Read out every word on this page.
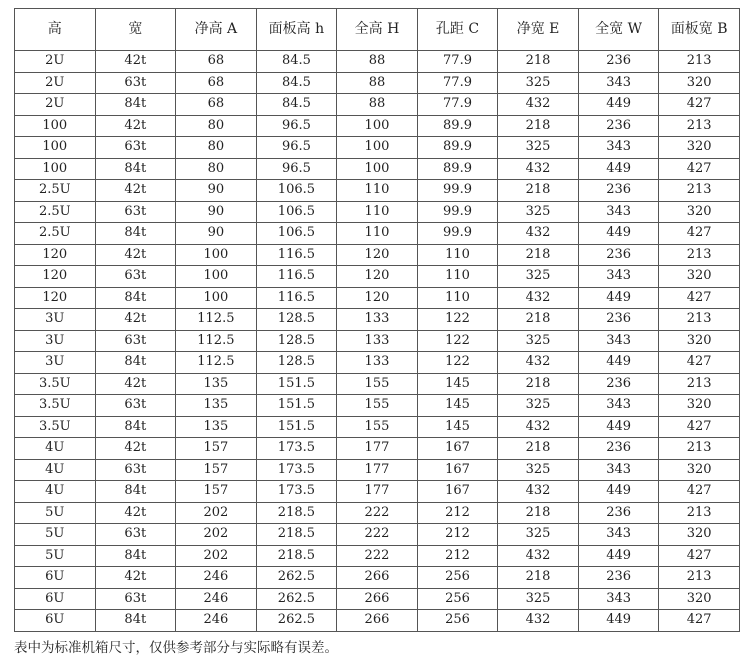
高	宽	净高 A	面板高 h	全高 H	孔距 C	净宽 E	全宽 W	面板宽 B
2U	42t	68	84.5	88	77.9	218	236	213
2U	63t	68	84.5	88	77.9	325	343	320
2U	84t	68	84.5	88	77.9	432	449	427
100	42t	80	96.5	100	89.9	218	236	213
100	63t	80	96.5	100	89.9	325	343	320
100	84t	80	96.5	100	89.9	432	449	427
2.5U	42t	90	106.5	110	99.9	218	236	213
2.5U	63t	90	106.5	110	99.9	325	343	320
2.5U	84t	90	106.5	110	99.9	432	449	427
120	42t	100	116.5	120	110	218	236	213
120	63t	100	116.5	120	110	325	343	320
120	84t	100	116.5	120	110	432	449	427
3U	42t	112.5	128.5	133	122	218	236	213
3U	63t	112.5	128.5	133	122	325	343	320
3U	84t	112.5	128.5	133	122	432	449	427
3.5U	42t	135	151.5	155	145	218	236	213
3.5U	63t	135	151.5	155	145	325	343	320
3.5U	84t	135	151.5	155	145	432	449	427
4U	42t	157	173.5	177	167	218	236	213
4U	63t	157	173.5	177	167	325	343	320
4U	84t	157	173.5	177	167	432	449	427
5U	42t	202	218.5	222	212	218	236	213
5U	63t	202	218.5	222	212	325	343	320
5U	84t	202	218.5	222	212	432	449	427
6U	42t	246	262.5	266	256	218	236	213
6U	63t	246	262.5	266	256	325	343	320
6U	84t	246	262.5	266	256	432	449	427
表中为标准机箱尺寸，仅供参考部分与实际略有误差。
